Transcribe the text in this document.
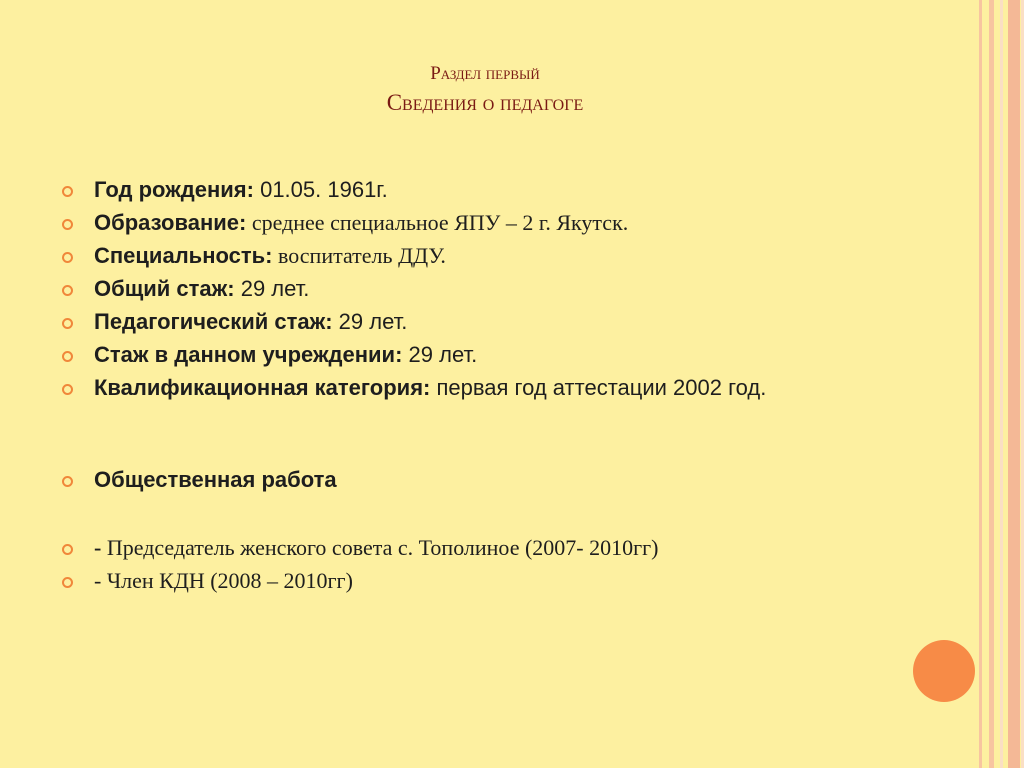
Раздел первый
Сведения о педагоге
Год рождения: 01.05. 1961г.
Образование: среднее специальное ЯПУ – 2 г. Якутск.
Специальность: воспитатель ДДУ.
Общий стаж: 29 лет.
Педагогический стаж: 29 лет.
Стаж в данном учреждении: 29 лет.
Квалификационная категория: первая год аттестации 2002 год.
Общественная работа
- Председатель женского совета с. Тополиное (2007- 2010гг)
- Член КДН (2008 – 2010гг)
